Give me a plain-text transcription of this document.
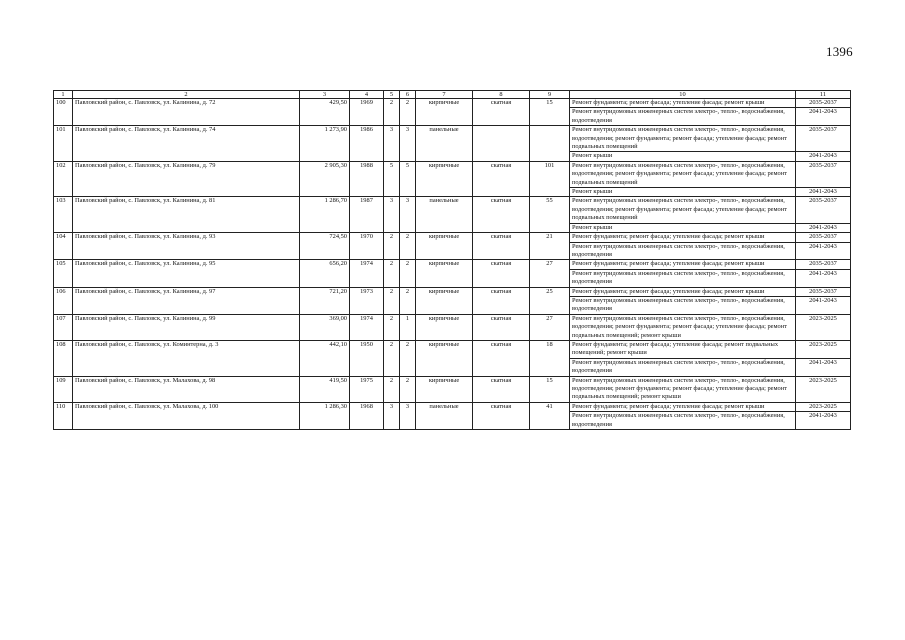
1396
1	2	3	4	5	6	7	8	9	10	11
100	Павловский район, с. Павловск, ул. Калинина, д. 72	429,50	1969	2	2	кирпичные	скатная	15	Ремонт фундамента; ремонт фасада; утепление фасада; ремонт крыши	2035-2037
									Ремонт внутридомовых инженерных систем электро-, тепло-, водоснабжения, водоотведения	2041-2043
101	Павловский район, с. Павловск, ул. Калинина, д. 74	1 273,90	1986	3	3	панельные			Ремонт внутридомовых инженерных систем электро-, тепло-, водоснабжения, водоотведения; ремонт фундамента; ремонт фасада; утепление фасада; ремонт подвальных помещений	2035-2037
									Ремонт крыши	2041-2043
102	Павловский район, с. Павловск, ул. Калинина, д. 79	2 905,30	1988	5	5	кирпичные	скатная	101	Ремонт внутридомовых инженерных систем электро-, тепло-, водоснабжения, водоотведения; ремонт фундамента; ремонт фасада; утепление фасада; ремонт подвальных помещений	2035-2037
									Ремонт крыши	2041-2043
103	Павловский район, с. Павловск, ул. Калинина, д. 81	1 286,70	1987	3	3	панельные	скатная	55	Ремонт внутридомовых инженерных систем электро-, тепло-, водоснабжения, водоотведения; ремонт фундамента; ремонт фасада; утепление фасада; ремонт подвальных помещений	2035-2037
									Ремонт крыши	2041-2043
104	Павловский район, с. Павловск, ул. Калинина, д. 93	724,50	1970	2	2	кирпичные	скатная	21	Ремонт фундамента; ремонт фасада; утепление фасада; ремонт крыши	2035-2037
									Ремонт внутридомовых инженерных систем электро-, тепло-, водоснабжения, водоотведения	2041-2043
105	Павловский район, с. Павловск, ул. Калинина, д. 95	656,20	1974	2	2	кирпичные	скатная	27	Ремонт фундамента; ремонт фасада; утепление фасада; ремонт крыши	2035-2037
									Ремонт внутридомовых инженерных систем электро-, тепло-, водоснабжения, водоотведения	2041-2043
106	Павловский район, с. Павловск, ул. Калинина, д. 97	721,20	1973	2	2	кирпичные	скатная	25	Ремонт фундамента; ремонт фасада; утепление фасада; ремонт крыши	2035-2037
									Ремонт внутридомовых инженерных систем электро-, тепло-, водоснабжения, водоотведения	2041-2043
107	Павловский район, с. Павловск, ул. Калинина, д. 99	369,00	1974	2	1	кирпичные	скатная	27	Ремонт внутридомовых инженерных систем электро-, тепло-, водоснабжения, водоотведения; ремонт фундамента; ремонт фасада; утепление фасада; ремонт подвальных помещений; ремонт крыши	2023-2025
108	Павловский район, с. Павловск, ул. Коминтерна, д. 3	442,10	1950	2	2	кирпичные	скатная	18	Ремонт фундамента; ремонт фасада; утепление фасада; ремонт подвальных помещений; ремонт крыши	2023-2025
									Ремонт внутридомовых инженерных систем электро-, тепло-, водоснабжения, водоотведения	2041-2043
109	Павловский район, с. Павловск, ул. Малахова, д. 98	419,50	1975	2	2	кирпичные	скатная	15	Ремонт внутридомовых инженерных систем электро-, тепло-, водоснабжения, водоотведения; ремонт фундамента; ремонт фасада; утепление фасада; ремонт подвальных помещений; ремонт крыши	2023-2025
110	Павловский район, с. Павловск, ул. Малахова, д. 100	1 286,30	1968	3	3	панельные	скатная	41	Ремонт фундамента; ремонт фасада; утепление фасада; ремонт крыши	2023-2025
									Ремонт внутридомовых инженерных систем электро-, тепло-, водоснабжения, водоотведения	2041-2043
